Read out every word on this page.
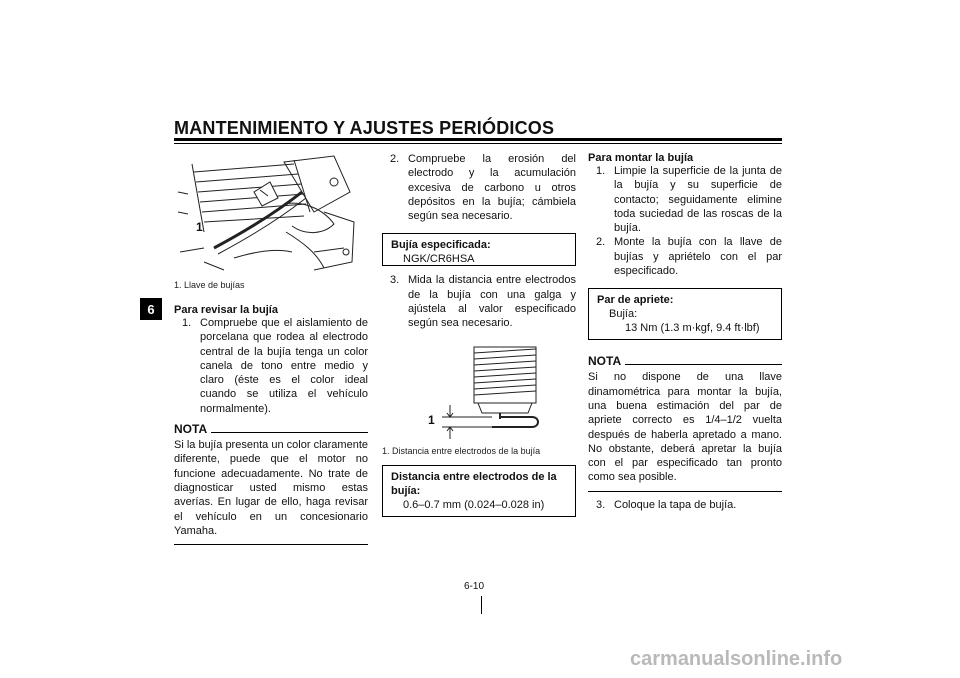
MANTENIMIENTO Y AJUSTES PERIÓDICOS
6
1
1. Llave de bujías
Para revisar la bujía
1. Compruebe que el aislamiento de porcelana que rodea al electrodo central de la bujía tenga un color canela de tono entre medio y claro (éste es el color ideal cuando se utiliza el vehículo normalmente).
NOTA
Si la bujía presenta un color claramente diferente, puede que el motor no funcione adecuadamente. No trate de diagnosticar usted mismo estas averías. En lugar de ello, haga revisar el vehículo en un concesionario Yamaha.
2. Compruebe la erosión del electrodo y la acumulación excesiva de carbono u otros depósitos en la bujía; cámbiela según sea necesario.
Bujía especificada:
NGK/CR6HSA
3. Mida la distancia entre electrodos de la bujía con una galga y ajústela al valor especificado según sea necesario.
1
1. Distancia entre electrodos de la bujía
Distancia entre electrodos de la bujía:
0.6–0.7 mm (0.024–0.028 in)
Para montar la bujía
1. Limpie la superficie de la junta de la bujía y su superficie de contacto; seguidamente elimine toda suciedad de las roscas de la bujía.
2. Monte la bujía con la llave de bujías y apriételo con el par especificado.
Par de apriete:
Bujía:
13 Nm (1.3 m·kgf, 9.4 ft·lbf)
NOTA
Si no dispone de una llave dinamométrica para montar la bujía, una buena estimación del par de apriete correcto es 1/4–1/2 vuelta después de haberla apretado a mano. No obstante, deberá apretar la bujía con el par especificado tan pronto como sea posible.
3. Coloque la tapa de bujía.
6-10
carmanualsonline.info
